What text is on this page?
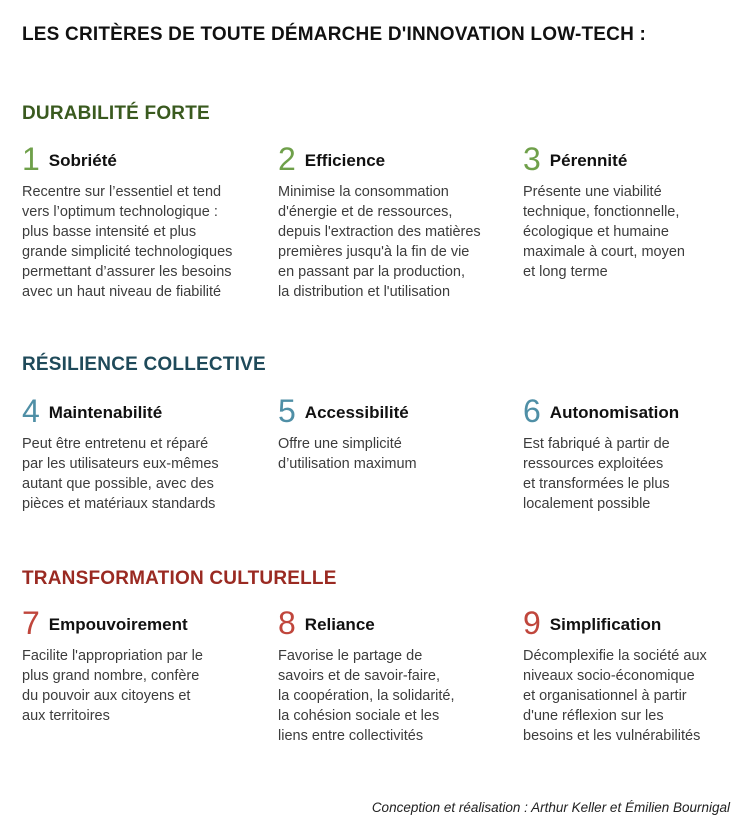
LES CRITÈRES DE TOUTE DÉMARCHE D'INNOVATION LOW-TECH :
DURABILITÉ FORTE
1 Sobriété
Recentre sur l’essentiel et tend
vers l’optimum technologique :
plus basse intensité et plus
grande simplicité technologiques
permettant d’assurer les besoins
avec un haut niveau de fiabilité
2 Efficience
Minimise la consommation
d'énergie et de ressources,
depuis l'extraction des matières
premières jusqu'à la fin de vie
en passant par la production,
la distribution et l'utilisation
3 Pérennité
Présente une viabilité
technique, fonctionnelle,
écologique et humaine
maximale à court, moyen
et long terme
RÉSILIENCE COLLECTIVE
4 Maintenabilité
Peut être entretenu et réparé
par les utilisateurs eux-mêmes
autant que possible, avec des
pièces et matériaux standards
5 Accessibilité
Offre une simplicité
d’utilisation maximum
6 Autonomisation
Est fabriqué à partir de
ressources exploitées
et transformées le plus
localement possible
TRANSFORMATION CULTURELLE
7 Empouvoirement
Facilite l'appropriation par le
plus grand nombre, confère
du pouvoir aux citoyens et
aux territoires
8 Reliance
Favorise le partage de
savoirs et de savoir-faire,
la coopération, la solidarité,
la cohésion sociale et les
liens entre collectivités
9 Simplification
Décomplexifie la société aux
niveaux socio-économique
et organisationnel à partir
d'une réflexion sur les
besoins et les vulnérabilités
Conception et réalisation : Arthur Keller et Émilien Bournigal
